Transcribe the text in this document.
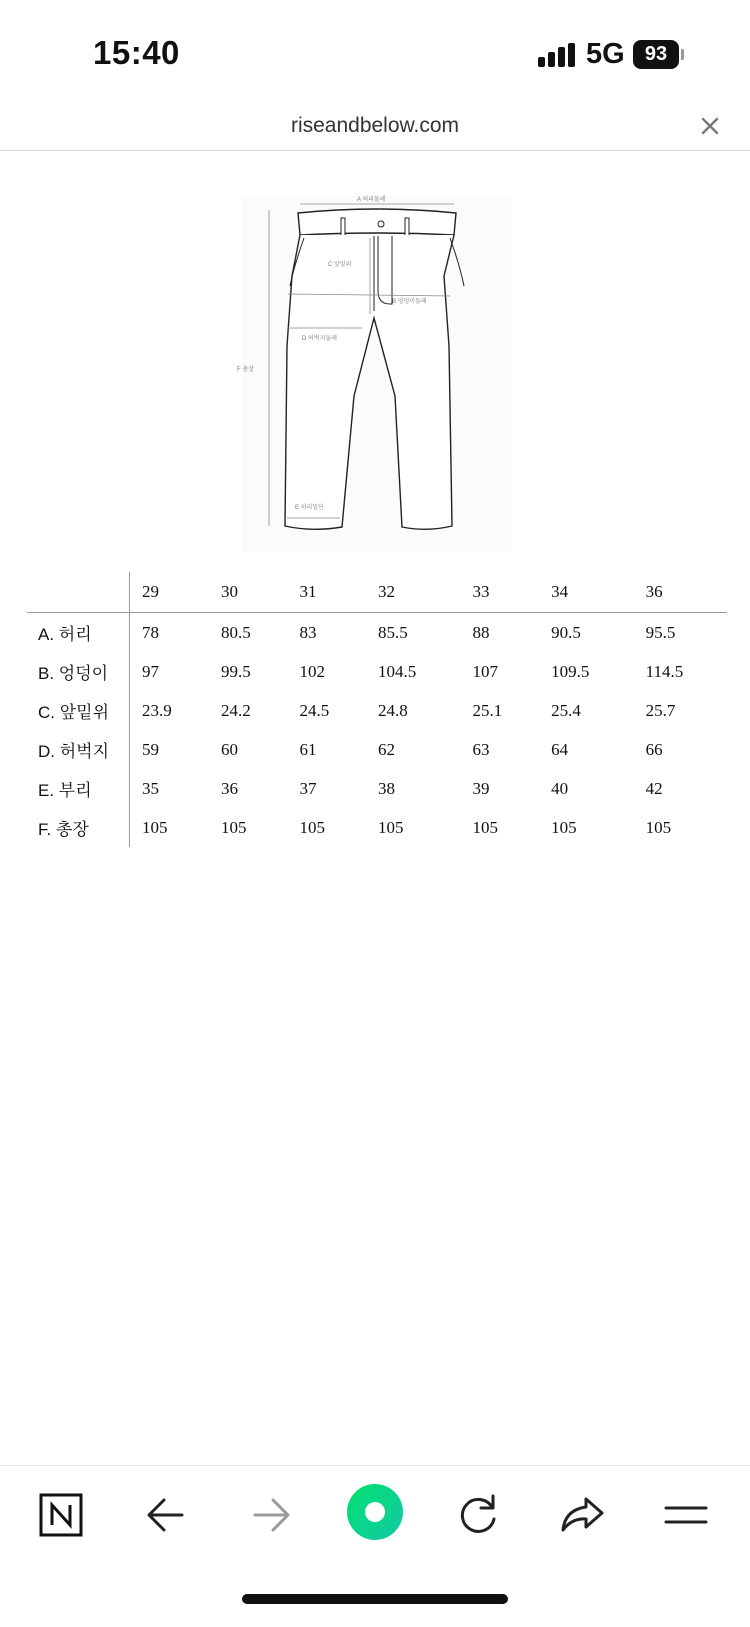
15:40	5G	93
riseandbelow.com
A 허리둘레
B 엉덩이둘레
C 앞밑위
D 허벅지둘레
E 허리밑단
F 총장
	29	30	31	32	33	34	36
A. 허리	78	80.5	83	85.5	88	90.5	95.5
B. 엉덩이	97	99.5	102	104.5	107	109.5	114.5
C. 앞밑위	23.9	24.2	24.5	24.8	25.1	25.4	25.7
D. 허벅지	59	60	61	62	63	64	66
E. 부리	35	36	37	38	39	40	42
F. 총장	105	105	105	105	105	105	105
